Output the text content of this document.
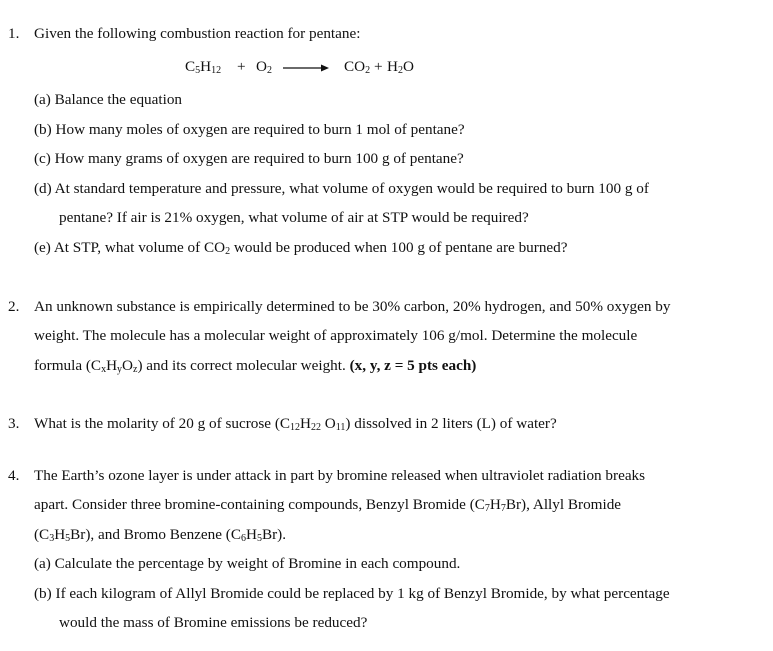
1. Given the following combustion reaction for pentane:
$C_5H_{12} + O_2 \to CO_2 + H_2O$
(a) Balance the equation
(b) How many moles of oxygen are required to burn 1 mol of pentane?
(c) How many grams of oxygen are required to burn 100 g of pentane?
(d) At standard temperature and pressure, what volume of oxygen would be required to burn 100 g of
pentane? If air is 21% oxygen, what volume of air at STP would be required?
(e) At STP, what volume of $CO_2$ would be produced when 100 g of pentane are burned?
2. An unknown substance is empirically determined to be 30% carbon, 20% hydrogen, and 50% oxygen by
weight. The molecule has a molecular weight of approximately 106 g/mol. Determine the molecule
formula $(C_xH_yO_z)$ and its correct molecular weight. (x, y, z = 5 pts each)
3. What is the molarity of 20 g of sucrose ($C_{12}H_{22}$ $O_{11}$) dissolved in 2 liters (L) of water?
4. The Earth’s ozone layer is under attack in part by bromine released when ultraviolet radiation breaks
apart. Consider three bromine-containing compounds, Benzyl Bromide $(C_7H_7Br)$, Allyl Bromide
$(C_3H_5Br)$, and Bromo Benzene $(C_6H_5Br)$.
(a) Calculate the percentage by weight of Bromine in each compound.
(b) If each kilogram of Allyl Bromide could be replaced by 1 kg of Benzyl Bromide, by what percentage
would the mass of Bromine emissions be reduced?
